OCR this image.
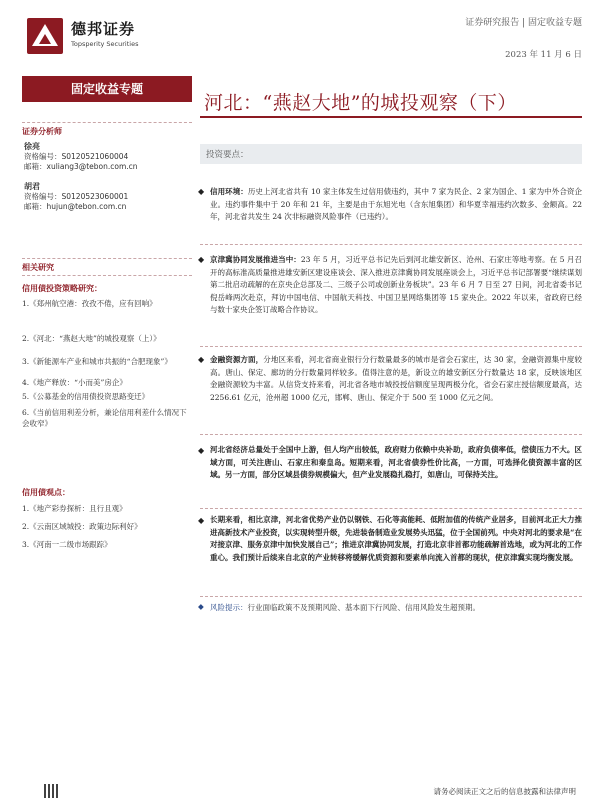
德邦证券
Topsperity Securities
证券研究报告 | 固定收益专题
2023 年 11 月 6 日
固定收益专题
证券分析师
徐亮
资格编号：S0120521060004
邮箱：xuliang3@tebon.com.cn
胡君
资格编号：S0120523060001
邮箱：hujun@tebon.com.cn
相关研究
信用债投资策略研究：
1.《郑州航空港：孜孜不倦，应有回响》
2.《河北：“燕赵大地”的城投观察（上）》
3.《新能源车产业和城市共振的“合肥现象”》
4.《地产释放：“小而美”房企》
5.《公募基金的信用债投资思路变迁》
6.《当前信用利差分析，兼论信用利差什么情况下会收窄》
信用债观点：
1.《地产彩券探析：且行且观》
2.《云南区域城投：政策边际利好》
3.《河南一二级市场跟踪》
河北：“燕赵大地”的城投观察（下）
投资要点：
◆ 信用环境：历史上河北省共有 10 家主体发生过信用债违约，其中 7 家为民企、2 家为国企、1 家为中外合资企业。违约事件集中于 20 年和 21 年，主要是由于东旭光电（含东旭集团）和华夏幸福违约次数多、金额高。22 年，河北省共发生 24 次非标融资风险事件（已违约）。
◆ 京津冀协同发展推进当中：23 年 5 月，习近平总书记先后到河北雄安新区、沧州、石家庄等地考察。在 5 月召开的高标准高质量推进雄安新区建设座谈会、深入推进京津冀协同发展座谈会上，习近平总书记部署要“继续谋划第二批启动疏解的在京央企总部及二、三级子公司或创新业务板块”。23 年 6 月 7 日至 27 日间，河北省委书记倪岳峰两次赴京，拜访中国电信、中国航天科技、中国卫星网络集团等 15 家央企。2022 年以来，省政府已经与数十家央企签订战略合作协议。
◆ 金融资源方面，分地区来看，河北省商业银行分行数量最多的城市是省会石家庄，达 30 家，金融资源集中度较高。唐山、保定、廊坊的分行数量同样较多。值得注意的是，新设立的雄安新区分行数量达 18 家，反映该地区金融资源较为丰富。从信贷支持来看，河北省各地市城投授信额度呈现两极分化，省会石家庄授信额度最高，达 2256.61 亿元，沧州超 1000 亿元，邯郸、唐山、保定介于 500 至 1000 亿元之间。
◆ 河北省经济总量处于全国中上游，但人均产出较低，政府财力依赖中央补助，政府负债率低，偿债压力不大。区域方面，可关注唐山、石家庄和秦皇岛。短期来看，河北省债券性价比高，一方面，可选择化债资源丰富的区域。另一方面，部分区域县债券规模偏大，但产业发展稳扎稳打，如唐山，可保持关注。
◆ 长期来看，相比京津，河北省优势产业仍以钢铁、石化等高能耗、低附加值的传统产业居多，目前河北正大力推进高新技术产业投资，以实现转型升级，先进装备制造业发展势头迅猛，位于全国前列。中央对河北的要求是“在对接京津、服务京津中加快发展自己”；推进京津冀协同发展，打造北京非首都功能疏解首选地，或为河北的工作重心。我们预计后续来自北京的产业转移将缓解优质资源和要素单向流入首都的现状，使京津冀实现均衡发展。
◆ 风险提示：行业面临政策不及预期风险、基本面下行风险、信用风险发生超预期。
请务必阅读正文之后的信息披露和法律声明
